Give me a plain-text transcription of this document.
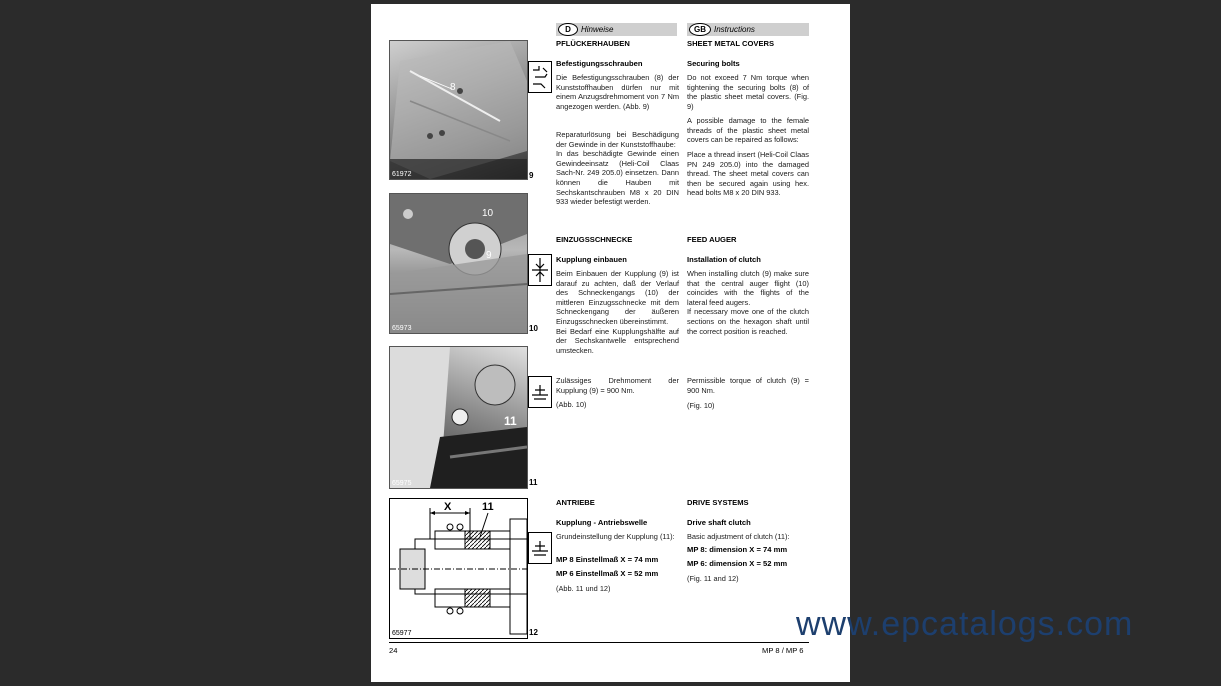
8
61972	9
10
9
65973	10
11
65975	11
X	11
65977	12
D	Hinweise	GB	Instructions
PFLÜCKERHAUBEN
Befestigungsschrauben
Die Befestigungsschrauben (8) der Kunststoffhauben dürfen nur mit einem Anzugsdrehmoment von 7 Nm angezogen werden. (Abb. 9)
Reparaturlösung bei Beschädigung der Gewinde in der Kunststoffhaube:
In das beschädigte Gewinde einen Gewindeeinsatz (Heli-Coil Claas Sach-Nr. 249 205.0) einsetzen. Dann können die Hauben mit Sechskantschrauben M8 x 20 DIN 933 wieder befestigt werden.
SHEET METAL COVERS
Securing bolts
Do not exceed 7 Nm torque when tightening the securing bolts (8) of the plastic sheet metal covers. (Fig. 9)
A possible damage to the female threads of the plastic sheet metal covers can be repaired as follows:
Place a thread insert (Heli-Coil Claas PN 249 205.0) into the damaged thread. The sheet metal covers can then be secured again using hex. head bolts M8 x 20 DIN 933.
EINZUGSSCHNECKE
Kupplung einbauen
Beim Einbauen der Kupplung (9) ist darauf zu achten, daß der Verlauf des Schneckengangs (10) der mittleren Einzugsschnecke mit dem Schneckengang der äußeren Einzugsschnecken übereinstimmt.
Bei Bedarf eine Kupplungshälfte auf der Sechskantwelle entsprechend umstecken.
FEED AUGER
Installation of clutch
When installing clutch (9) make sure that the central auger flight (10) coincides with the flights of the lateral feed augers.
If necessary move one of the clutch sections on the hexagon shaft until the correct position is reached.
Zulässiges Drehmoment der Kupplung (9) = 900 Nm.
(Abb. 10)
Permissible torque of clutch (9) = 900 Nm.
(Fig. 10)
ANTRIEBE
Kupplung - Antriebswelle
Grundeinstellung der Kupplung (11):
MP 8 Einstellmaß X = 74 mm
MP 6 Einstellmaß X = 52 mm
(Abb. 11 und 12)
DRIVE SYSTEMS
Drive shaft clutch
Basic adjustment of clutch (11):
MP 8: dimension X = 74 mm
MP 6: dimension X = 52 mm
(Fig. 11 and 12)
24	MP 8 / MP 6
www.epcatalogs.com
